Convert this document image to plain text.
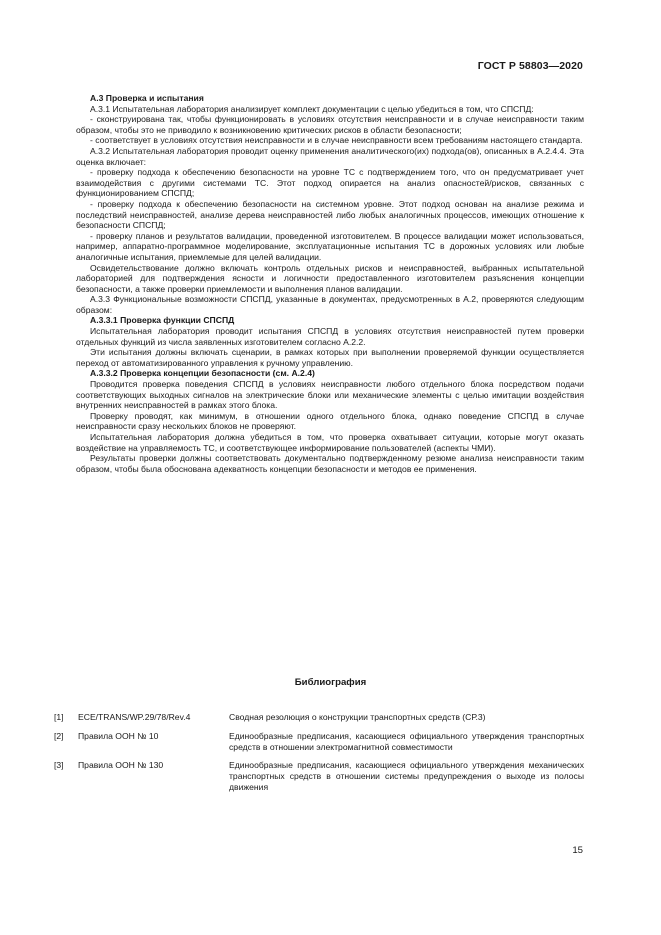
ГОСТ Р 58803—2020

А.3 Проверка и испытания

А.3.1 Испытательная лаборатория анализирует комплект документации с целью убедиться в том, что СПСПД:

- сконструирована так, чтобы функционировать в условиях отсутствия неисправности и в случае неисправности таким образом, чтобы это не приводило к возникновению критических рисков в области безопасности;

- соответствует в условиях отсутствия неисправности и в случае неисправности всем требованиям настоящего стандарта.

А.3.2 Испытательная лаборатория проводит оценку применения аналитического(их) подхода(ов), описанных в А.2.4.4. Эта оценка включает:

- проверку подхода к обеспечению безопасности на уровне ТС с подтверждением того, что он предусматривает учет взаимодействия с другими системами ТС. Этот подход опирается на анализ опасностей/рисков, связанных с функционированием СПСПД;

- проверку подхода к обеспечению безопасности на системном уровне. Этот подход основан на анализе режима и последствий неисправностей, анализе дерева неисправностей либо любых аналогичных процессов, имеющих отношение к безопасности СПСПД;

- проверку планов и результатов валидации, проведенной изготовителем. В процессе валидации может использоваться, например, аппаратно-программное моделирование, эксплуатационные испытания ТС в дорожных условиях или любые аналогичные испытания, приемлемые для целей валидации.

Освидетельствование должно включать контроль отдельных рисков и неисправностей, выбранных испытательной лабораторией для подтверждения ясности и логичности предоставленного изготовителем разъяснения концепции безопасности, а также проверки приемлемости и выполнения планов валидации.

А.3.3 Функциональные возможности СПСПД, указанные в документах, предусмотренных в А.2, проверяются следующим образом:

А.3.3.1 Проверка функции СПСПД

Испытательная лаборатория проводит испытания СПСПД в условиях отсутствия неисправностей путем проверки отдельных функций из числа заявленных изготовителем согласно А.2.2.

Эти испытания должны включать сценарии, в рамках которых при выполнении проверяемой функции осуществляется переход от автоматизированного управления к ручному управлению.

А.3.3.2 Проверка концепции безопасности (см. А.2.4)

Проводится проверка поведения СПСПД в условиях неисправности любого отдельного блока посредством подачи соответствующих выходных сигналов на электрические блоки или механические элементы с целью имитации воздействия внутренних неисправностей в рамках этого блока.

Проверку проводят, как минимум, в отношении одного отдельного блока, однако поведение СПСПД в случае неисправности сразу нескольких блоков не проверяют.

Испытательная лаборатория должна убедиться в том, что проверка охватывает ситуации, которые могут оказать воздействие на управляемость ТС, и соответствующее информирование пользователей (аспекты ЧМИ).

Результаты проверки должны соответствовать документально подтвержденному резюме анализа неисправности таким образом, чтобы была обоснована адекватность концепции безопасности и методов ее применения.

Библиография
[1]	ECE/TRANS/WP.29/78/Rev.4	Сводная резолюция о конструкции транспортных средств (СР.3)
[2]	Правила ООН № 10	Единообразные предписания, касающиеся официального утверждения транспортных средств в отношении электромагнитной совместимости
[3]	Правила ООН № 130	Единообразные предписания, касающиеся официального утверждения механических транспортных средств в отношении системы предупреждения о выходе из полосы движения
15
